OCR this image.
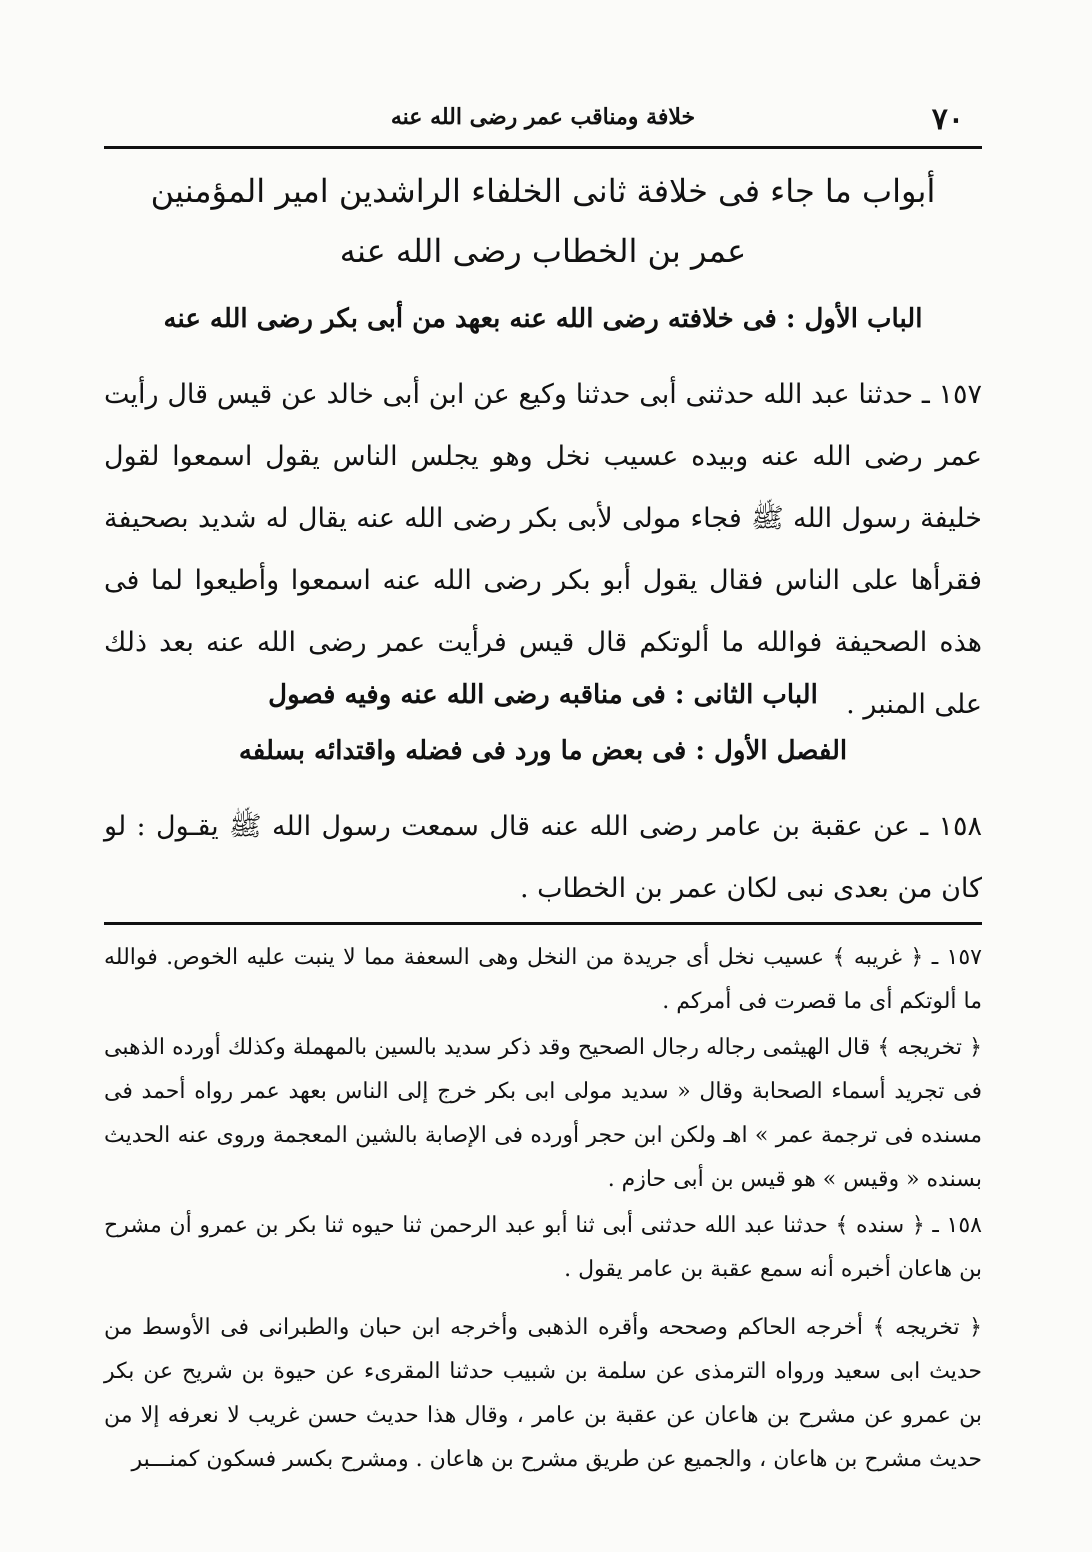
٧٠
خلافة ومناقب عمر رضى الله عنه
أبواب ما جاء فى خلافة ثانى الخلفاء الراشدين امير المؤمنين
عمر بن الخطاب رضى الله عنه
الباب الأول : فى خلافته رضى الله عنه بعهد من أبى بكر رضى الله عنه
١٥٧ ـ حدثنا عبد الله حدثنى أبى حدثنا وكيع عن ابن أبى خالد عن قيس قال رأيت عمر رضى الله عنه وبيده عسيب نخل وهو يجلس الناس يقول اسمعوا لقول خليفة رسول الله ﷺ فجاء مولى لأبى بكر رضى الله عنه يقال له شديد بصحيفة فقرأها على الناس فقال يقول أبو بكر رضى الله عنه اسمعوا وأطيعوا لما فى هذه الصحيفة فوالله ما ألوتكم قال قيس فرأيت عمر رضى الله عنه بعد ذلك على المنبر .
الباب الثانى : فى مناقبه رضى الله عنه وفيه فصول
الفصل الأول : فى بعض ما ورد فى فضله واقتدائه بسلفه
١٥٨ ـ عن عقبة بن عامر رضى الله عنه قال سمعت رسول الله ﷺ يقـول : لو كان من بعدى نبى لكان عمر بن الخطاب .
١٥٧ ـ ﴿ غريبه ﴾ عسيب نخل أى جريدة من النخل وهى السعفة مما لا ينبت عليه الخوص. فوالله ما ألوتكم أى ما قصرت فى أمركم .
﴿ تخريجه ﴾ قال الهيثمى رجاله رجال الصحيح وقد ذكر سديد بالسين بالمهملة وكذلك أورده الذهبى فى تجريد أسماء الصحابة وقال « سديد مولى ابى بكر خرج إلى الناس بعهد عمر رواه أحمد فى مسنده فى ترجمة عمر » اهـ ولكن ابن حجر أورده فى الإصابة بالشين المعجمة وروى عنه الحديث بسنده « وقيس » هو قيس بن أبى حازم .
١٥٨ ـ ﴿ سنده ﴾ حدثنا عبد الله حدثنى أبى ثنا أبو عبد الرحمن ثنا حيوه ثنا بكر بن عمرو أن مشرح بن هاعان أخبره أنه سمع عقبة بن عامر يقول .
﴿ تخريجه ﴾ أخرجه الحاكم وصححه وأقره الذهبى وأخرجه ابن حبان والطبرانى فى الأوسط من حديث ابى سعيد ورواه الترمذى عن سلمة بن شبيب حدثنا المقرىء عن حيوة بن شريح عن بكر بن عمرو عن مشرح بن هاعان عن عقبة بن عامر ، وقال هذا حديث حسن غريب لا نعرفه إلا من حديث مشرح بن هاعان ، والجميع عن طريق مشرح بن هاعان . ومشرح بكسر فسكون كمنـــبر
